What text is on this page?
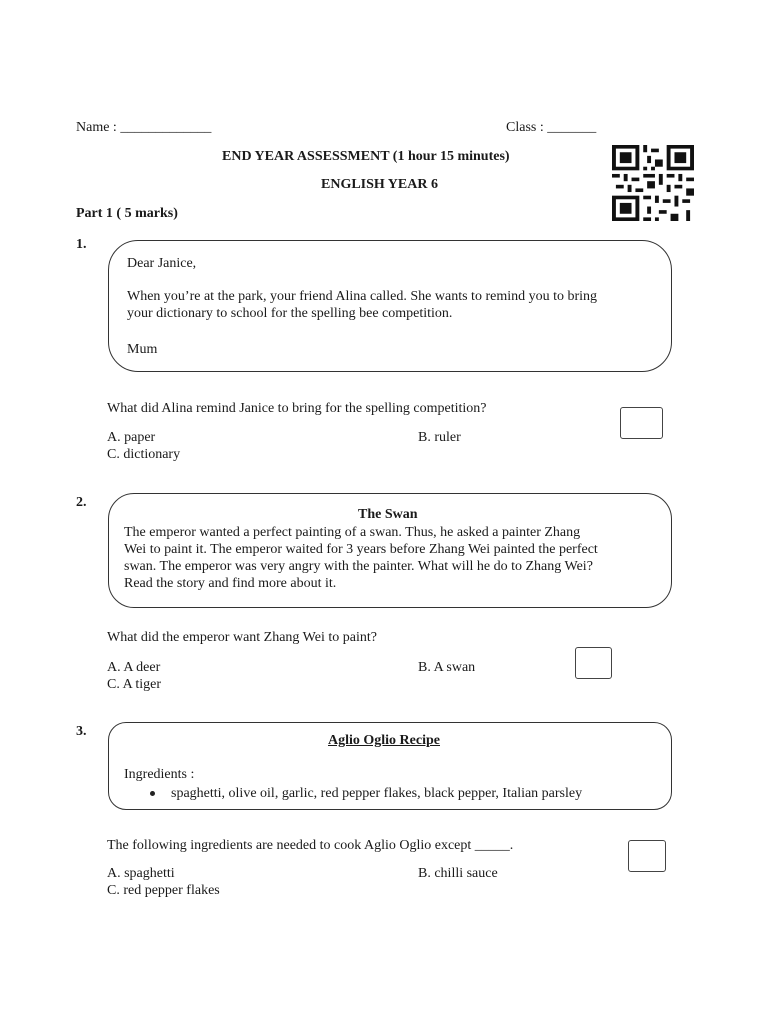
Name : _____________	Class : _______
END YEAR ASSESSMENT (1 hour 15 minutes)
ENGLISH YEAR 6
Part 1 ( 5 marks)
1.
Dear Janice,
When you’re at the park, your friend Alina called. She wants to remind you to bring
your dictionary to school for the spelling bee competition.
Mum
What did Alina remind Janice to bring for the spelling competition?
A. paper	B. ruler
C. dictionary
2.
The Swan
The emperor wanted a perfect painting of a swan. Thus, he asked a painter Zhang
Wei to paint it. The emperor waited for 3 years before Zhang Wei painted the perfect
swan. The emperor was very angry with the painter. What will he do to Zhang Wei?
Read the story and find more about it.
What did the emperor want Zhang Wei to paint?
A. A deer	B. A swan
C. A tiger
3.
Aglio Oglio Recipe
Ingredients :
spaghetti, olive oil, garlic, red pepper flakes, black pepper, Italian parsley
The following ingredients are needed to cook Aglio Oglio except _____.
A. spaghetti	B. chilli sauce
C. red pepper flakes
